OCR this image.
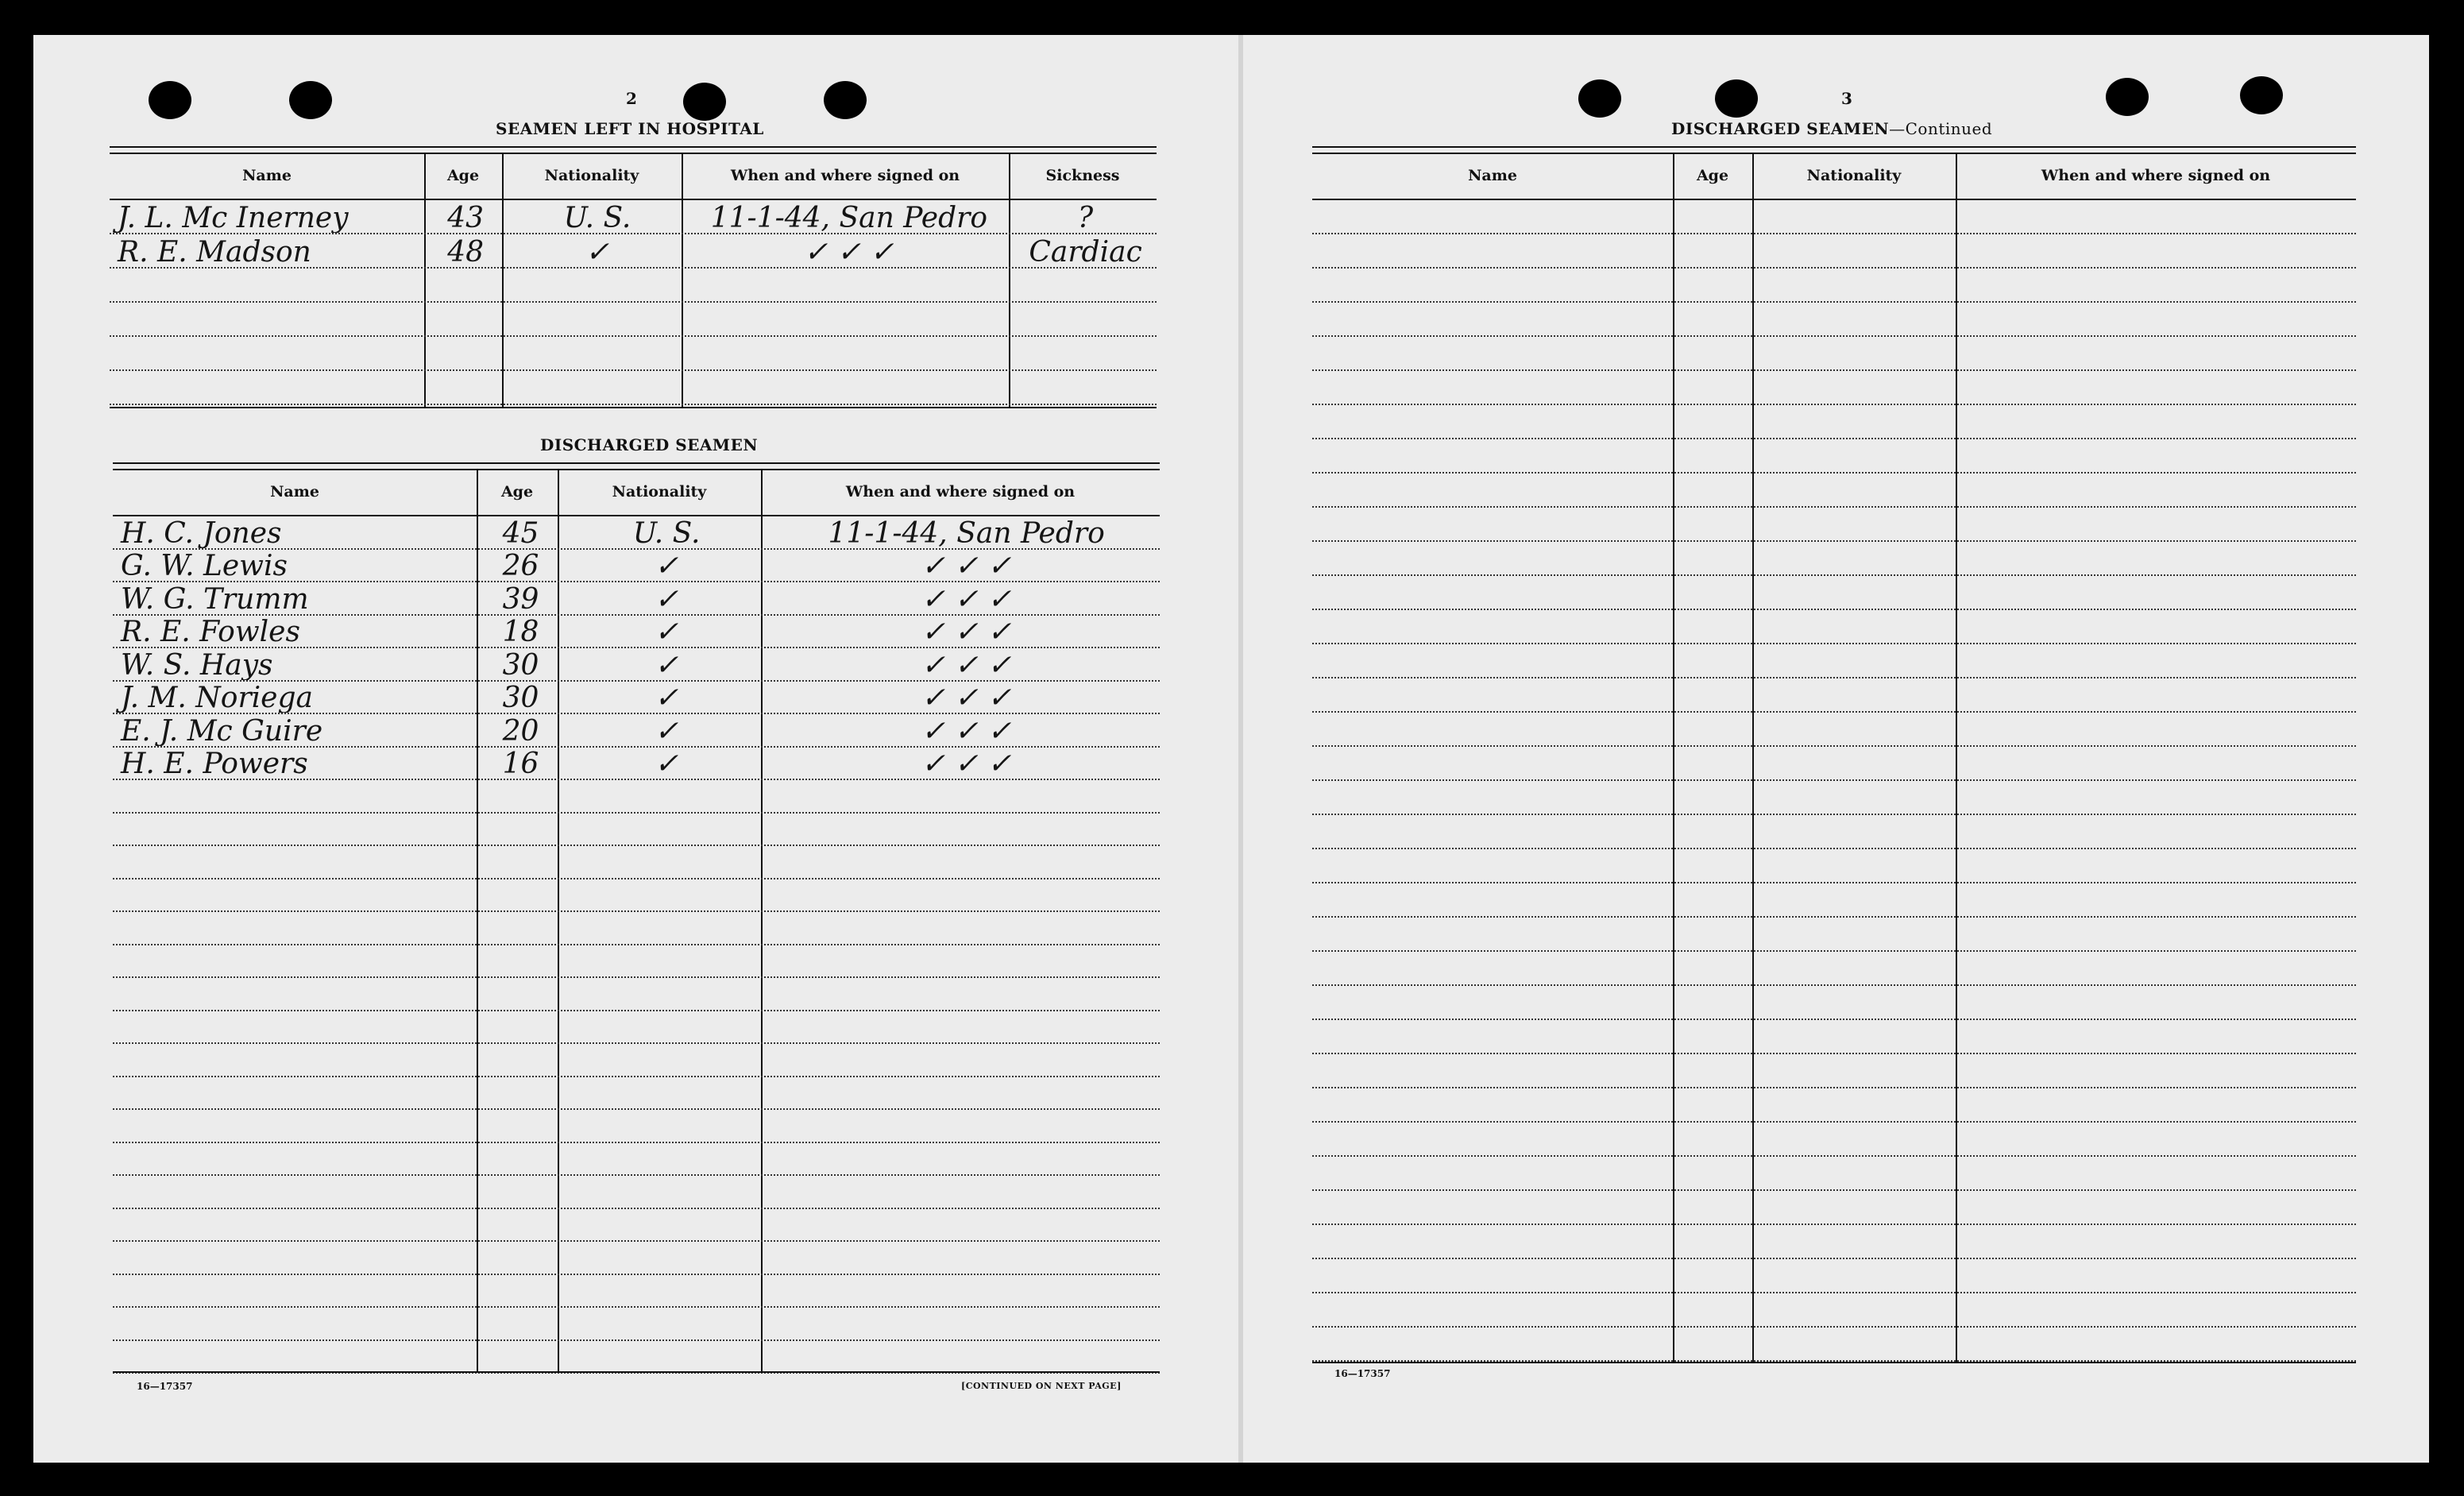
2
SEAMEN LEFT IN HOSPITAL
Name	Age	Nationality	When and where signed on	Sickness
J. L. Mc Inerney	43	U. S.	11-1-44, San Pedro	?
R. E. Madson	48	✓	✓ ✓ ✓	Cardiac
DISCHARGED SEAMEN
Name	Age	Nationality	When and where signed on
H. C. Jones	45	U. S.	11-1-44, San Pedro
G. W. Lewis	26	✓	✓ ✓ ✓
W. G. Trumm	39	✓	✓ ✓ ✓
R. E. Fowles	18	✓	✓ ✓ ✓
W. S. Hays	30	✓	✓ ✓ ✓
J. M. Noriega	30	✓	✓ ✓ ✓
E. J. Mc Guire	20	✓	✓ ✓ ✓
H. E. Powers	16	✓	✓ ✓ ✓
16—17357	[CONTINUED ON NEXT PAGE]
3
DISCHARGED SEAMEN—Continued
Name	Age	Nationality	When and where signed on
16—17357
